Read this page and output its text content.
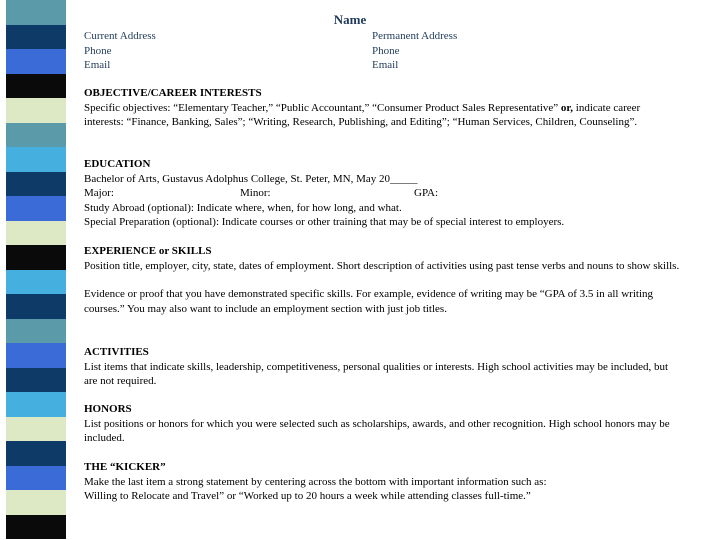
Name
Current Address
Phone
Email
Permanent Address
Phone
Email
OBJECTIVE/CAREER INTERESTS

Specific objectives: “Elementary Teacher,” “Public Accountant,” “Consumer Product Sales Representative” or, indicate career interests: “Finance, Banking, Sales”; “Writing, Research, Publishing, and Editing”; “Human Services, Children, Counseling”.

EDUCATION
Bachelor of Arts, Gustavus Adolphus College, St. Peter, MN, May 20_____
Major:	Minor:	GPA:
Study Abroad (optional): Indicate where, when, for how long, and what.
Special Preparation (optional): Indicate courses or other training that may be of special interest to employers.
EXPERIENCE or SKILLS

Position title, employer, city, state, dates of employment. Short description of activities using past tense verbs and nouns to show skills.

Evidence or proof that you have demonstrated specific skills. For example, evidence of writing may be “GPA of 3.5 in all writing courses.” You may also want to include an employment section with just job titles.

ACTIVITIES

List items that indicate skills, leadership, competitiveness, personal qualities or interests. High school activities may be included, but are not required.

HONORS

List positions or honors for which you were selected such as scholarships, awards, and other recognition. High school honors may be included.

THE “KICKER”
Make the last item a strong statement by centering across the bottom with important information such as:
Willing to Relocate and Travel” or “Worked up to 20 hours a week while attending classes full-time.”
